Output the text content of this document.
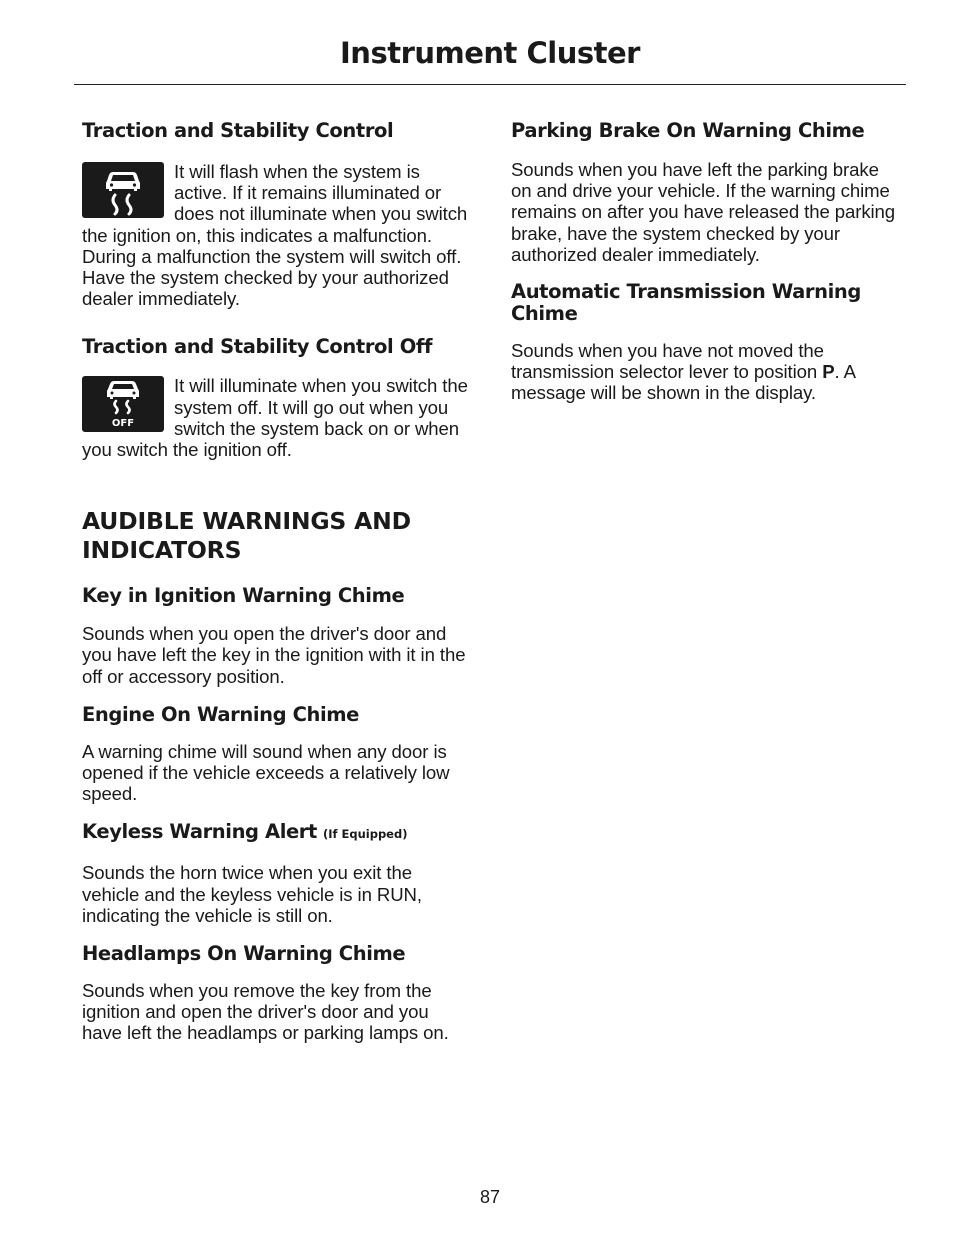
Instrument Cluster
Traction and Stability Control

It will flash when the system is active. If it remains illuminated or does not illuminate when you switch the ignition on, this indicates a malfunction. During a malfunction the system will switch off. Have the system checked by your authorized dealer immediately.

Traction and Stability Control Off
OFF

It will illuminate when you switch the system off. It will go out when you switch the system back on or when you switch the ignition off.

AUDIBLE WARNINGS AND INDICATORS
Key in Ignition Warning Chime

Sounds when you open the driver's door and you have left the key in the ignition with it in the off or accessory position.

Engine On Warning Chime

A warning chime will sound when any door is opened if the vehicle exceeds a relatively low speed.

Keyless Warning Alert (If Equipped)

Sounds the horn twice when you exit the vehicle and the keyless vehicle is in RUN, indicating the vehicle is still on.

Headlamps On Warning Chime

Sounds when you remove the key from the ignition and open the driver's door and you have left the headlamps or parking lamps on.

Parking Brake On Warning Chime

Sounds when you have left the parking brake on and drive your vehicle. If the warning chime remains on after you have released the parking brake, have the system checked by your authorized dealer immediately.

Automatic Transmission Warning Chime

Sounds when you have not moved the transmission selector lever to position P. A message will be shown in the display.

87
